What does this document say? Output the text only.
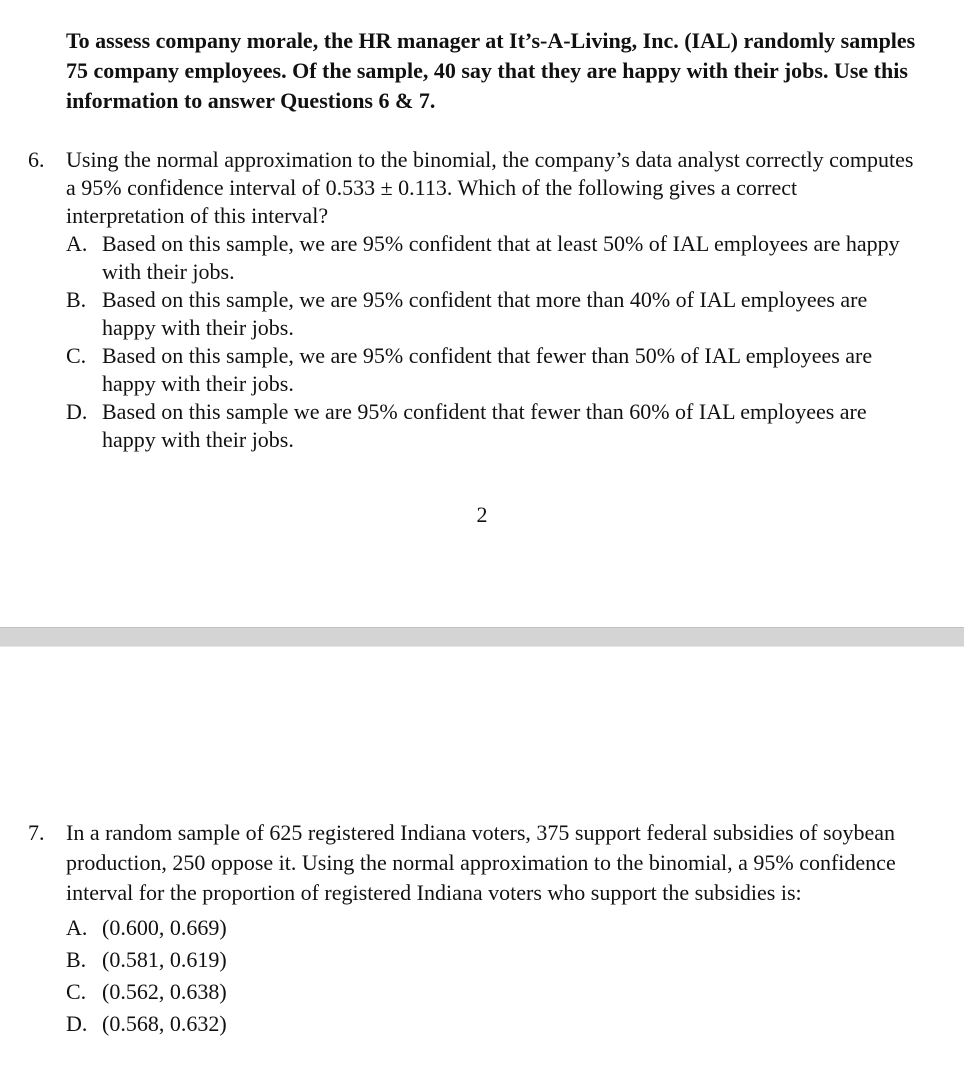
To assess company morale, the HR manager at It’s-A-Living, Inc. (IAL) randomly samples 75 company employees. Of the sample, 40 say that they are happy with their jobs. Use this information to answer Questions 6 & 7.
6. Using the normal approximation to the binomial, the company’s data analyst correctly computes a 95% confidence interval of 0.533 ± 0.113. Which of the following gives a correct interpretation of this interval?
A. Based on this sample, we are 95% confident that at least 50% of IAL employees are happy with their jobs.
B. Based on this sample, we are 95% confident that more than 40% of IAL employees are happy with their jobs.
C. Based on this sample, we are 95% confident that fewer than 50% of IAL employees are happy with their jobs.
D. Based on this sample we are 95% confident that fewer than 60% of IAL employees are happy with their jobs.
2
7. In a random sample of 625 registered Indiana voters, 375 support federal subsidies of soybean production, 250 oppose it. Using the normal approximation to the binomial, a 95% confidence interval for the proportion of registered Indiana voters who support the subsidies is:
A. (0.600, 0.669)
B. (0.581, 0.619)
C. (0.562, 0.638)
D. (0.568, 0.632)
